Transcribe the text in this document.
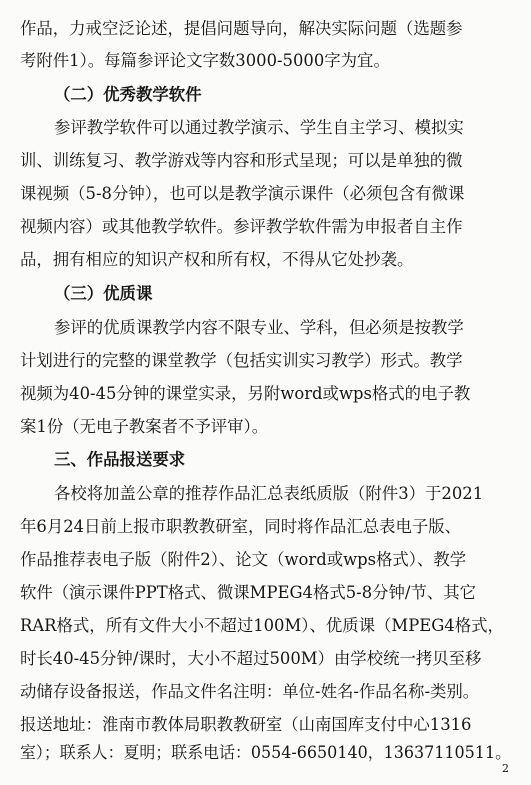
作品，力戒空泛论述，提倡问题导向，解决实际问题（选题参
考附件1）。每篇参评论文字数3000-5000字为宜。
（二）优秀教学软件
参评教学软件可以通过教学演示、学生自主学习、模拟实
训、训练复习、教学游戏等内容和形式呈现；可以是单独的微
课视频（5-8分钟），也可以是教学演示课件（必须包含有微课
视频内容）或其他教学软件。参评教学软件需为申报者自主作
品，拥有相应的知识产权和所有权，不得从它处抄袭。
（三）优质课
参评的优质课教学内容不限专业、学科，但必须是按教学
计划进行的完整的课堂教学（包括实训实习教学）形式。教学
视频为40-45分钟的课堂实录，另附word或wps格式的电子教
案1份（无电子教案者不予评审）。
三、作品报送要求
各校将加盖公章的推荐作品汇总表纸质版（附件3）于2021
年6月24日前上报市职教教研室，同时将作品汇总表电子版、
作品推荐表电子版（附件2）、论文（word或wps格式）、教学
软件（演示课件PPT格式、微课MPEG4格式5-8分钟/节、其它
RAR格式，所有文件大小不超过100M）、优质课（MPEG4格式，
时长40-45分钟/课时，大小不超过500M）由学校统一拷贝至移
动储存设备报送，作品文件名注明：单位-姓名-作品名称-类别。
报送地址：淮南市教体局职教教研室（山南国库支付中心1316
室）；联系人：夏明；联系电话：0554-6650140，13637110511。
2
